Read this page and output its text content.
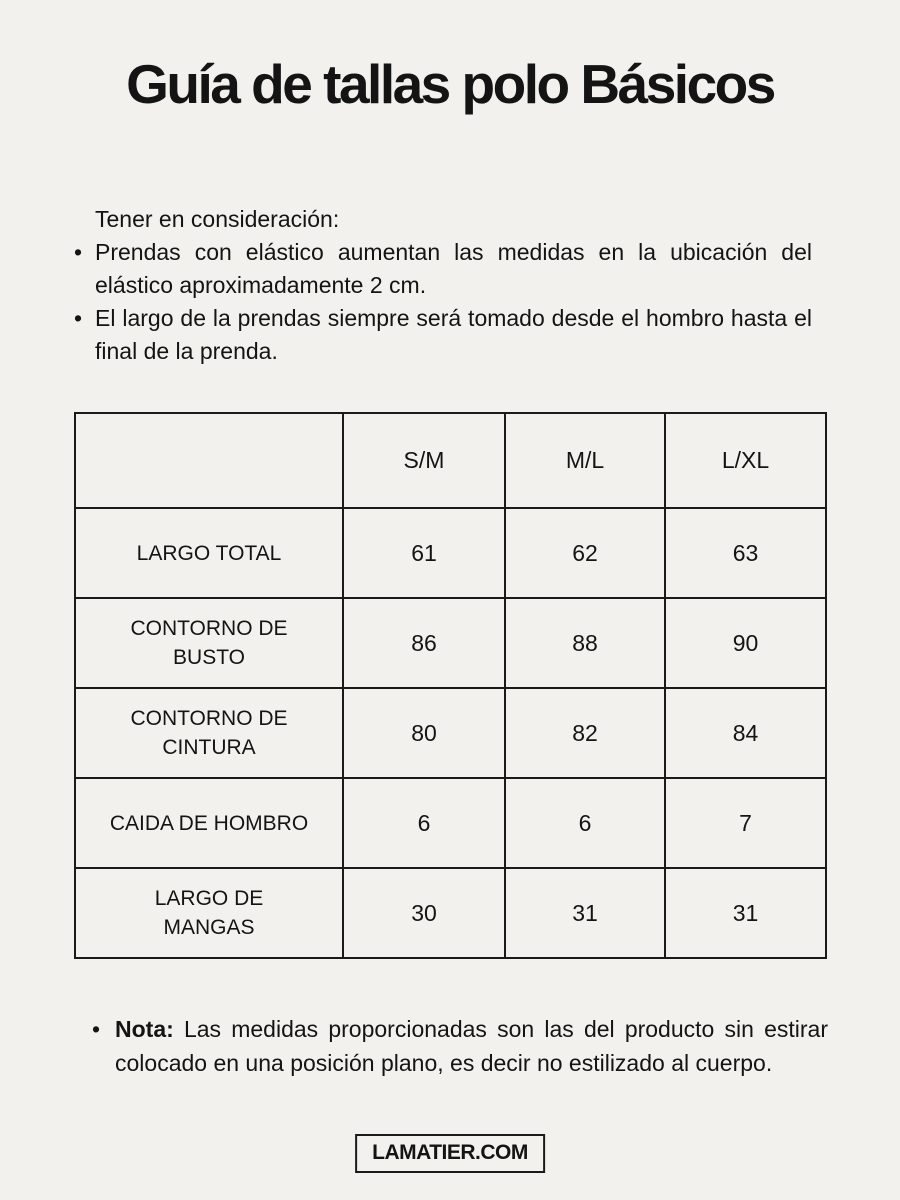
Guía de tallas polo Básicos
Tener en consideración:
• Prendas con elástico aumentan las medidas en la ubicación del elástico aproximadamente 2 cm.
• El largo de la prendas siempre será tomado desde el hombro hasta el final de la prenda.
	S/M	M/L	L/XL
LARGO TOTAL	61	62	63
CONTORNO DE BUSTO	86	88	90
CONTORNO DE CINTURA	80	82	84
CAIDA DE HOMBRO	6	6	7
LARGO DE MANGAS	30	31	31
• Nota: Las medidas proporcionadas son las del producto sin estirar colocado en una posición plano, es decir no estilizado al cuerpo.
LAMATIER.COM
